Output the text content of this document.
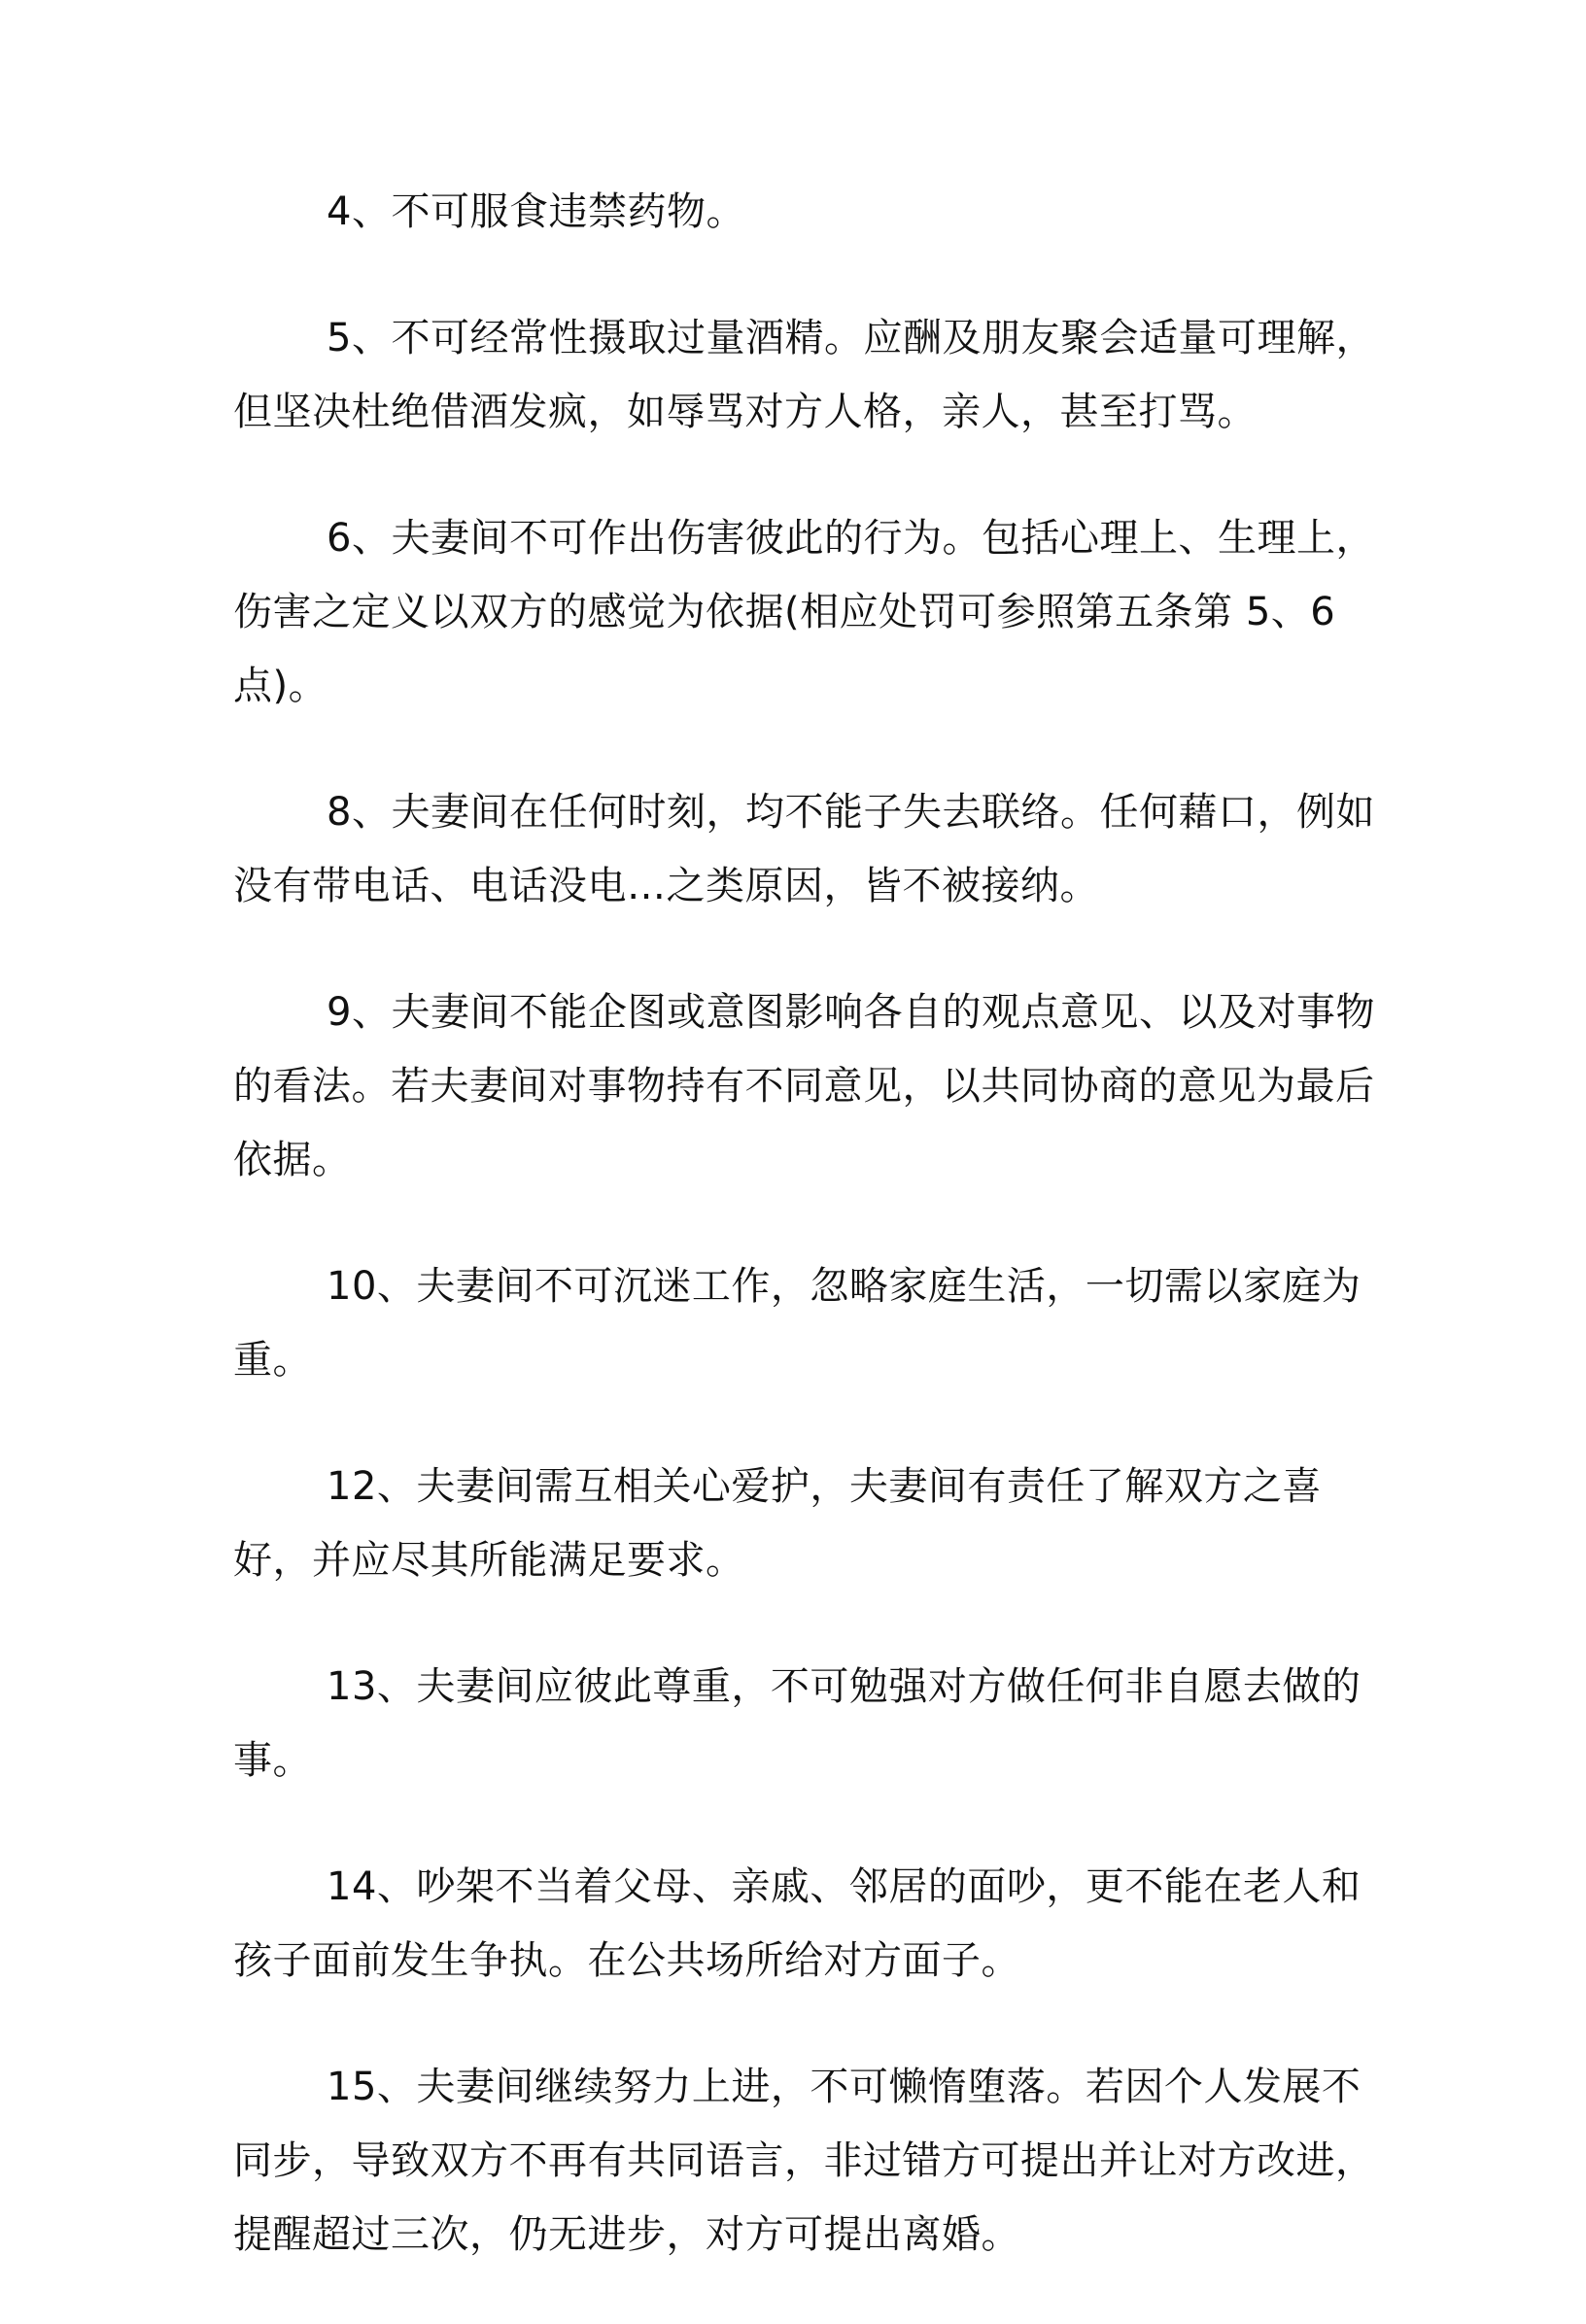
4、不可服食违禁药物。

5、不可经常性摄取过量酒精。应酬及朋友聚会适量可理解，但坚决杜绝借酒发疯，如辱骂对方人格，亲人，甚至打骂。

6、夫妻间不可作出伤害彼此的行为。包括心理上、生理上，伤害之定义以双方的感觉为依据(相应处罚可参照第五条第 5、6 点)。

8、夫妻间在任何时刻，均不能子失去联络。任何藉口，例如没有带电话、电话没电…之类原因，皆不被接纳。

9、夫妻间不能企图或意图影响各自的观点意见、以及对事物的看法。若夫妻间对事物持有不同意见，以共同协商的意见为最后依据。

10、夫妻间不可沉迷工作，忽略家庭生活，一切需以家庭为重。

12、夫妻间需互相关心爱护，夫妻间有责任了解双方之喜好，并应尽其所能满足要求。

13、夫妻间应彼此尊重，不可勉强对方做任何非自愿去做的事。

14、吵架不当着父母、亲戚、邻居的面吵，更不能在老人和孩子面前发生争执。在公共场所给对方面子。

15、夫妻间继续努力上进，不可懒惰堕落。若因个人发展不同步，导致双方不再有共同语言，非过错方可提出并让对方改进，提醒超过三次，仍无进步，对方可提出离婚。
